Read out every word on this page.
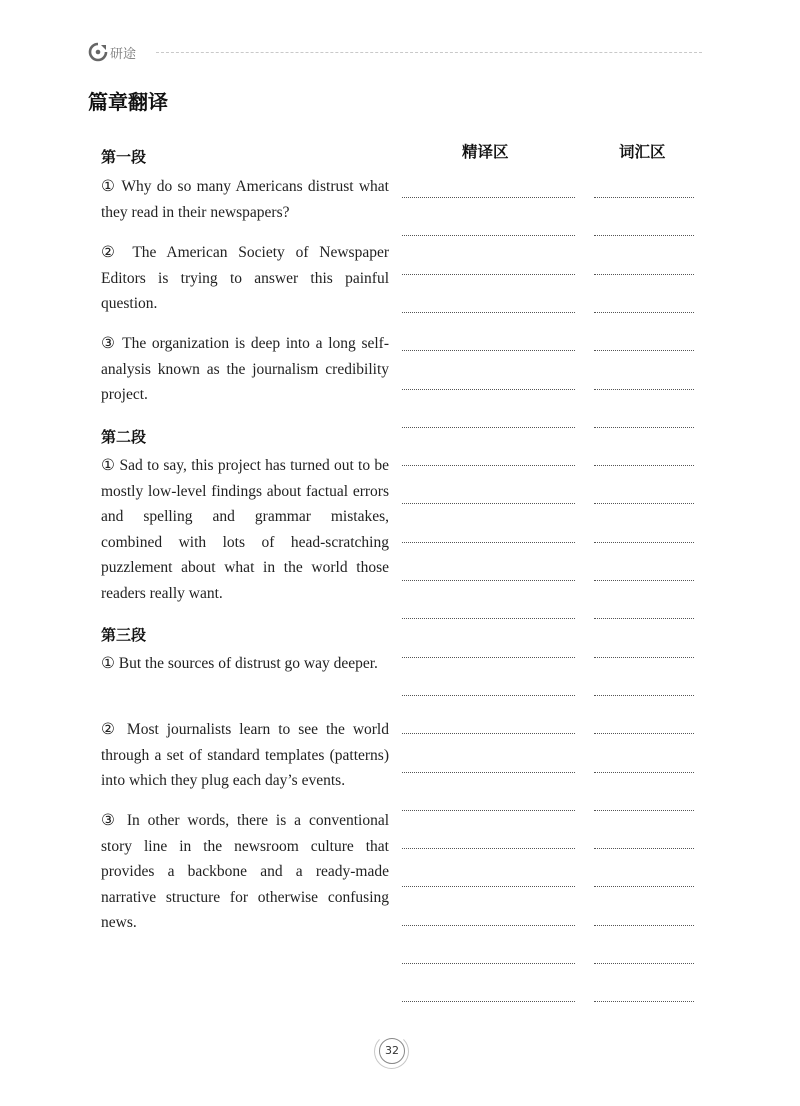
研途
篇章翻译
精译区	词汇区
第一段

① Why do so many Americans distrust what they read in their newspapers?

② The American Society of Newspaper Editors is trying to answer this painful question.

③ The organization is deep into a long self-analysis known as the journalism credibility project.

第二段

① Sad to say, this project has turned out to be mostly low-level findings about factual errors and spelling and grammar mistakes, combined with lots of head-scratching puzzlement about what in the world those readers really want.

第三段

① But the sources of distrust go way deeper.

② Most journalists learn to see the world through a set of standard templates (patterns) into which they plug each day’s events.

③ In other words, there is a conventional story line in the newsroom culture that provides a backbone and a ready-made narrative structure for otherwise confusing news.

32
